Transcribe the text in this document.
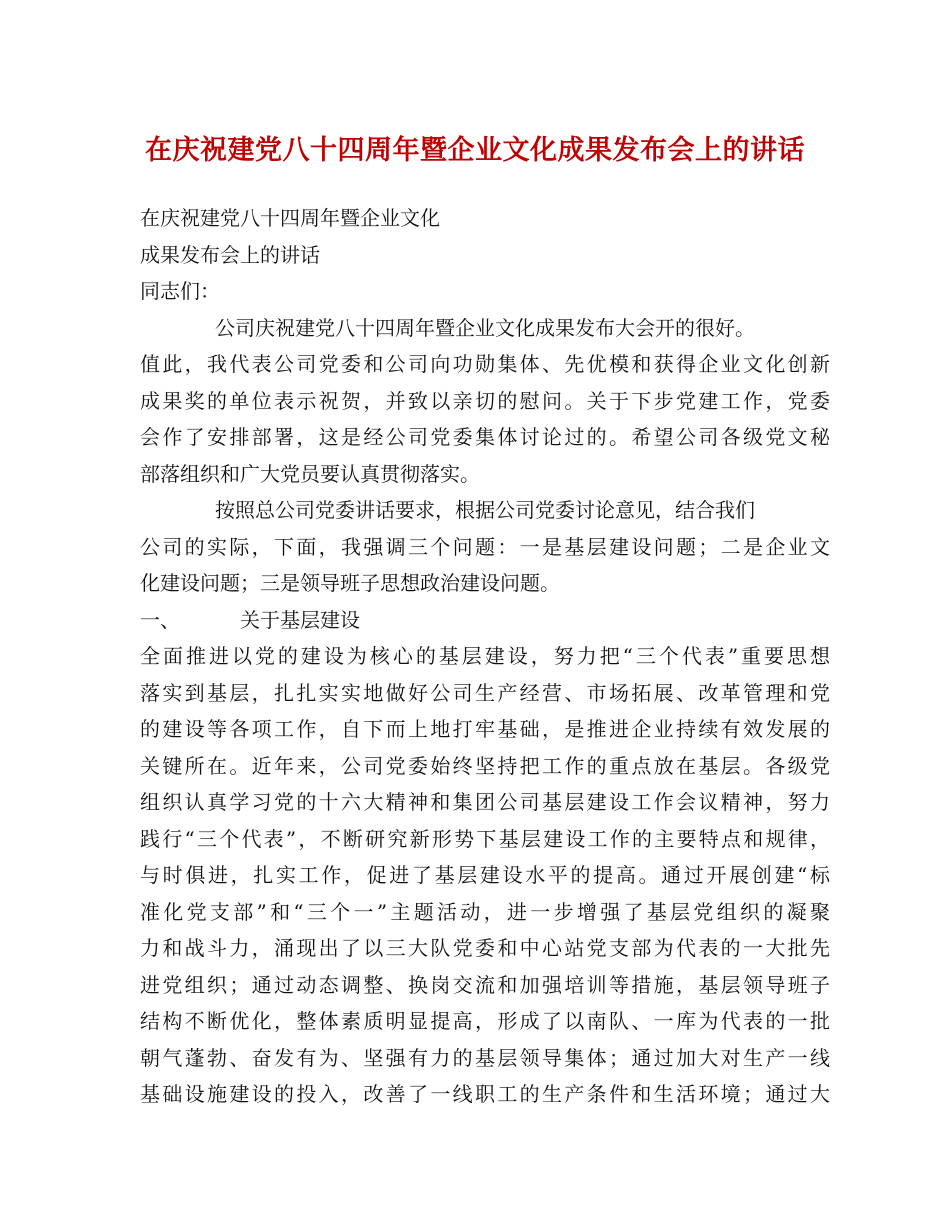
在庆祝建党八十四周年暨企业文化成果发布会上的讲话
在庆祝建党八十四周年暨企业文化
成果发布会上的讲话
同志们：
公司庆祝建党八十四周年暨企业文化成果发布大会开的很好。
值此，我代表公司党委和公司向功勋集体、先优模和获得企业文化创新
成果奖的单位表示祝贺，并致以亲切的慰问。关于下步党建工作，党委
会作了安排部署，这是经公司党委集体讨论过的。希望公司各级党文秘
部落组织和广大党员要认真贯彻落实。
按照总公司党委讲话要求，根据公司党委讨论意见，结合我们
公司的实际，下面，我强调三个问题：一是基层建设问题；二是企业文
化建设问题；三是领导班子思想政治建设问题。
一、	关于基层建设
全面推进以党的建设为核心的基层建设，努力把“三个代表”重要思想
落实到基层，扎扎实实地做好公司生产经营、市场拓展、改革管理和党
的建设等各项工作，自下而上地打牢基础，是推进企业持续有效发展的
关键所在。近年来，公司党委始终坚持把工作的重点放在基层。各级党
组织认真学习党的十六大精神和集团公司基层建设工作会议精神，努力
践行“三个代表”，不断研究新形势下基层建设工作的主要特点和规律，
与时俱进，扎实工作，促进了基层建设水平的提高。通过开展创建“标
准化党支部”和“三个一”主题活动，进一步增强了基层党组织的凝聚
力和战斗力，涌现出了以三大队党委和中心站党支部为代表的一大批先
进党组织；通过动态调整、换岗交流和加强培训等措施，基层领导班子
结构不断优化，整体素质明显提高，形成了以南队、一库为代表的一批
朝气蓬勃、奋发有为、坚强有力的基层领导集体；通过加大对生产一线
基础设施建设的投入，改善了一线职工的生产条件和生活环境；通过大
